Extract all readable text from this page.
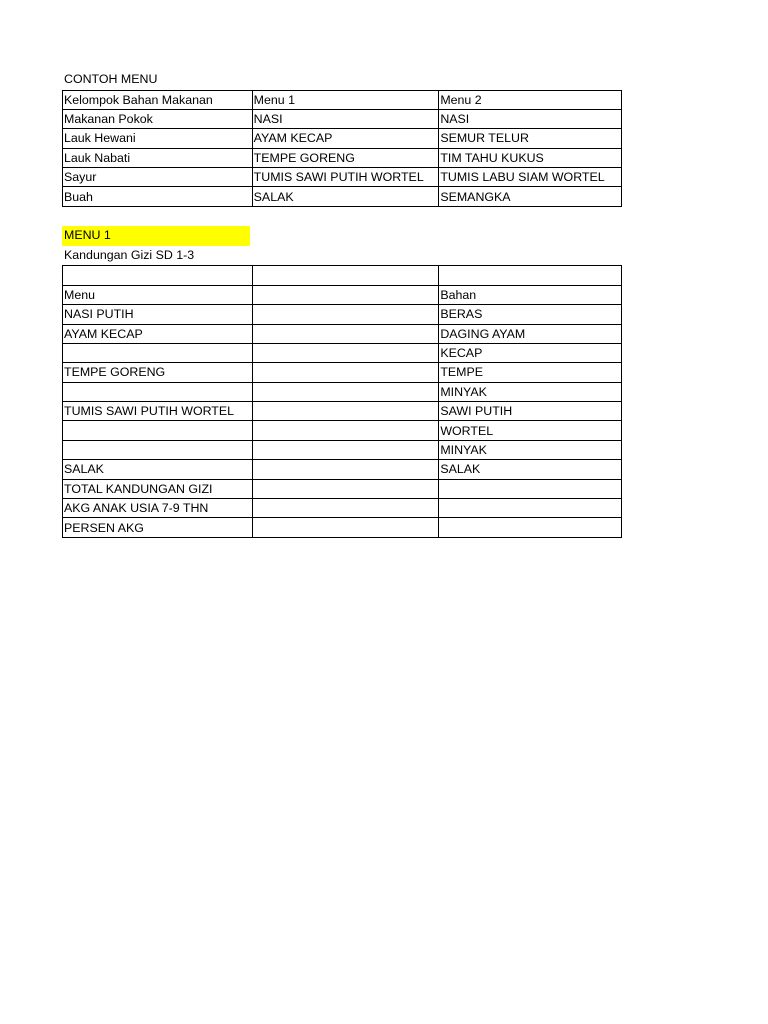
CONTOH MENU
Kelompok Bahan Makanan	Menu 1	Menu 2
Makanan Pokok	NASI	NASI
Lauk Hewani	AYAM KECAP	SEMUR TELUR
Lauk Nabati	TEMPE GORENG	TIM TAHU KUKUS
Sayur	TUMIS SAWI PUTIH WORTEL	TUMIS LABU SIAM WORTEL
Buah	SALAK	SEMANGKA
MENU 1
Kandungan Gizi SD 1-3

Menu		Bahan
NASI PUTIH		BERAS
AYAM KECAP		DAGING AYAM
		KECAP
TEMPE GORENG		TEMPE
		MINYAK
TUMIS SAWI PUTIH WORTEL		SAWI PUTIH
		WORTEL
		MINYAK
SALAK		SALAK
TOTAL KANDUNGAN GIZI		
AKG ANAK USIA 7-9 THN		
PERSEN AKG		
